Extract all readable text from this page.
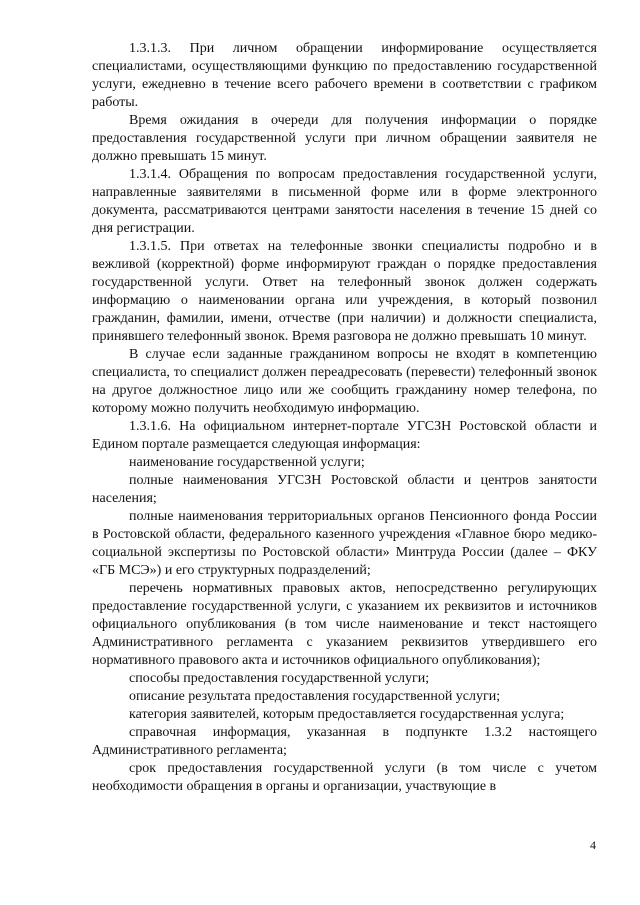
1.3.1.3. При личном обращении информирование осуществляется специалистами, осуществляющими функцию по предоставлению государственной услуги, ежедневно в течение всего рабочего времени в соответствии с графиком работы.

Время ожидания в очереди для получения информации о порядке предоставления государственной услуги при личном обращении заявителя не должно превышать 15 минут.

1.3.1.4. Обращения по вопросам предоставления государственной услуги, направленные заявителями в письменной форме или в форме электронного документа, рассматриваются центрами занятости населения в течение 15 дней со дня регистрации.

1.3.1.5. При ответах на телефонные звонки специалисты подробно и в вежливой (корректной) форме информируют граждан о порядке предоставления государственной услуги. Ответ на телефонный звонок должен содержать информацию о наименовании органа или учреждения, в который позвонил гражданин, фамилии, имени, отчестве (при наличии) и должности специалиста, принявшего телефонный звонок. Время разговора не должно превышать 10 минут.

В случае если заданные гражданином вопросы не входят в компетенцию специалиста, то специалист должен переадресовать (перевести) телефонный звонок на другое должностное лицо или же сообщить гражданину номер телефона, по которому можно получить необходимую информацию.

1.3.1.6. На официальном интернет-портале УГСЗН Ростовской области и Едином портале размещается следующая информация:

наименование государственной услуги;

полные наименования УГСЗН Ростовской области и центров занятости населения;

полные наименования территориальных органов Пенсионного фонда России в Ростовской области, федерального казенного учреждения «Главное бюро медико-социальной экспертизы по Ростовской области» Минтруда России (далее – ФКУ «ГБ МСЭ») и его структурных подразделений;

перечень нормативных правовых актов, непосредственно регулирующих предоставление государственной услуги, с указанием их реквизитов и источников официального опубликования (в том числе наименование и текст настоящего Административного регламента с указанием реквизитов утвердившего его нормативного правового акта и источников официального опубликования);

способы предоставления государственной услуги;

описание результата предоставления государственной услуги;

категория заявителей, которым предоставляется государственная услуга;

справочная информация, указанная в подпункте 1.3.2 настоящего Административного регламента;

срок предоставления государственной услуги (в том числе с учетом необходимости обращения в органы и организации, участвующие в

4
